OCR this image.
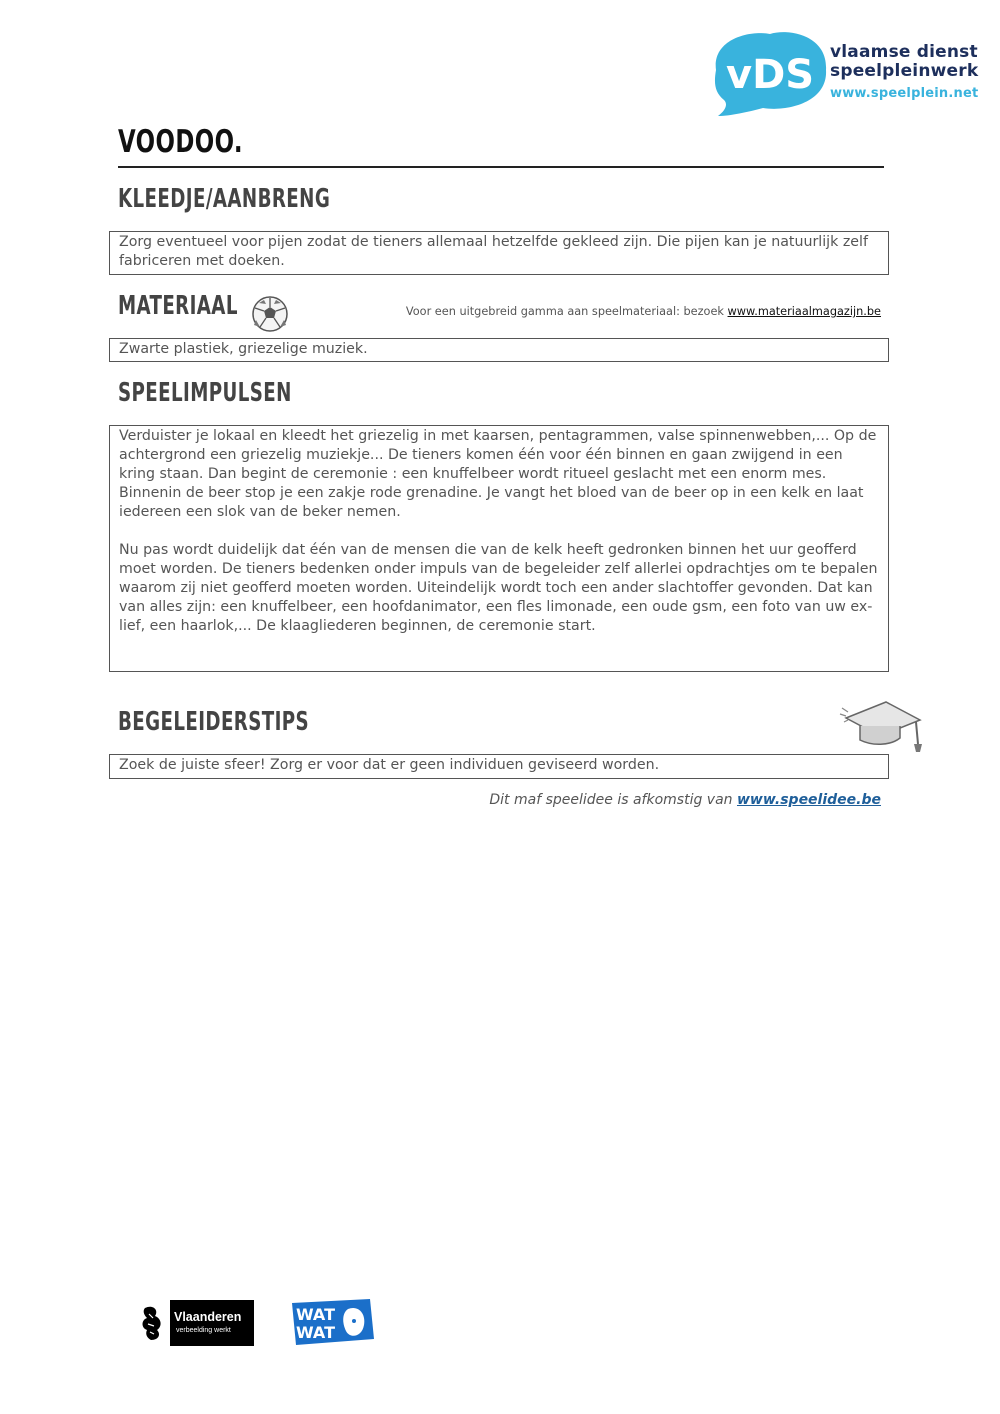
vDS vlaamse dienst
speelpleinwerk
www.speelplein.net
VOODOO.
KLEEDJE/AANBRENG

Zorg eventueel voor pijen zodat de tieners allemaal hetzelfde gekleed zijn. Die pijen kan je natuurlijk zelf fabriceren met doeken.

MATERIAAL	Voor een uitgebreid gamma aan speelmateriaal: bezoek www.materiaalmagazijn.be

Zwarte plastiek, griezelige muziek.

SPEELIMPULSEN

Verduister je lokaal en kleedt het griezelig in met kaarsen, pentagrammen, valse spinnenwebben,... Op de achtergrond een griezelig muziekje... De tieners komen één voor één binnen en gaan zwijgend in een kring staan. Dan begint de ceremonie : een knuffelbeer wordt ritueel geslacht met een enorm mes. Binnenin de beer stop je een zakje rode grenadine. Je vangt het bloed van de beer op in een kelk en laat iedereen een slok van de beker nemen.

Nu pas wordt duidelijk dat één van de mensen die van de kelk heeft gedronken binnen het uur geofferd moet worden. De tieners bedenken onder impuls van de begeleider zelf allerlei opdrachtjes om te bepalen waarom zij niet geofferd moeten worden. Uiteindelijk wordt toch een ander slachtoffer gevonden. Dat kan van alles zijn: een knuffelbeer, een hoofdanimator, een fles limonade, een oude gsm, een foto van uw ex-lief, een haarlok,... De klaagliederen beginnen, de ceremonie start.

BEGELEIDERSTIPS

Zoek de juiste sfeer! Zorg er voor dat er geen individuen geviseerd worden.

Dit maf speelidee is afkomstig van www.speelidee.be
Vlaanderen
verbeelding werkt
WAT
WAT
